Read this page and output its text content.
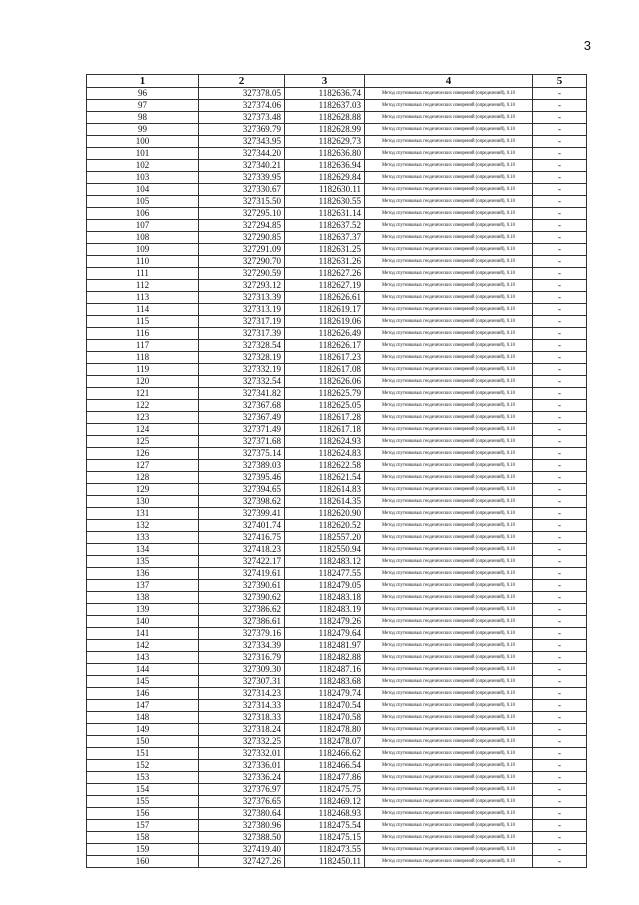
3
1	2	3	4	5
96	327378.05	1182636.74	Метод спутниковых геодезических измерений (определений), 0.10	-
97	327374.06	1182637.03	Метод спутниковых геодезических измерений (определений), 0.10	-
98	327373.48	1182628.88	Метод спутниковых геодезических измерений (определений), 0.10	-
99	327369.79	1182628.99	Метод спутниковых геодезических измерений (определений), 0.10	-
100	327343.95	1182629.73	Метод спутниковых геодезических измерений (определений), 0.10	-
101	327344.20	1182636.80	Метод спутниковых геодезических измерений (определений), 0.10	-
102	327340.21	1182636.94	Метод спутниковых геодезических измерений (определений), 0.10	-
103	327339.95	1182629.84	Метод спутниковых геодезических измерений (определений), 0.10	-
104	327330.67	1182630.11	Метод спутниковых геодезических измерений (определений), 0.10	-
105	327315.50	1182630.55	Метод спутниковых геодезических измерений (определений), 0.10	-
106	327295.10	1182631.14	Метод спутниковых геодезических измерений (определений), 0.10	-
107	327294.85	1182637.52	Метод спутниковых геодезических измерений (определений), 0.10	-
108	327290.85	1182637.37	Метод спутниковых геодезических измерений (определений), 0.10	-
109	327291.09	1182631.25	Метод спутниковых геодезических измерений (определений), 0.10	-
110	327290.70	1182631.26	Метод спутниковых геодезических измерений (определений), 0.10	-
111	327290.59	1182627.26	Метод спутниковых геодезических измерений (определений), 0.10	-
112	327293.12	1182627.19	Метод спутниковых геодезических измерений (определений), 0.10	-
113	327313.39	1182626.61	Метод спутниковых геодезических измерений (определений), 0.10	-
114	327313.19	1182619.17	Метод спутниковых геодезических измерений (определений), 0.10	-
115	327317.19	1182619.06	Метод спутниковых геодезических измерений (определений), 0.10	-
116	327317.39	1182626.49	Метод спутниковых геодезических измерений (определений), 0.10	-
117	327328.54	1182626.17	Метод спутниковых геодезических измерений (определений), 0.10	-
118	327328.19	1182617.23	Метод спутниковых геодезических измерений (определений), 0.10	-
119	327332.19	1182617.08	Метод спутниковых геодезических измерений (определений), 0.10	-
120	327332.54	1182626.06	Метод спутниковых геодезических измерений (определений), 0.10	-
121	327341.82	1182625.79	Метод спутниковых геодезических измерений (определений), 0.10	-
122	327367.68	1182625.05	Метод спутниковых геодезических измерений (определений), 0.10	-
123	327367.49	1182617.28	Метод спутниковых геодезических измерений (определений), 0.10	-
124	327371.49	1182617.18	Метод спутниковых геодезических измерений (определений), 0.10	-
125	327371.68	1182624.93	Метод спутниковых геодезических измерений (определений), 0.10	-
126	327375.14	1182624.83	Метод спутниковых геодезических измерений (определений), 0.10	-
127	327389.03	1182622.58	Метод спутниковых геодезических измерений (определений), 0.10	-
128	327395.46	1182621.54	Метод спутниковых геодезических измерений (определений), 0.10	-
129	327394.65	1182614.83	Метод спутниковых геодезических измерений (определений), 0.10	-
130	327398.62	1182614.35	Метод спутниковых геодезических измерений (определений), 0.10	-
131	327399.41	1182620.90	Метод спутниковых геодезических измерений (определений), 0.10	-
132	327401.74	1182620.52	Метод спутниковых геодезических измерений (определений), 0.10	-
133	327416.75	1182557.20	Метод спутниковых геодезических измерений (определений), 0.10	-
134	327418.23	1182550.94	Метод спутниковых геодезических измерений (определений), 0.10	-
135	327422.17	1182483.12	Метод спутниковых геодезических измерений (определений), 0.10	-
136	327419.61	1182477.55	Метод спутниковых геодезических измерений (определений), 0.10	-
137	327390.61	1182479.05	Метод спутниковых геодезических измерений (определений), 0.10	-
138	327390.62	1182483.18	Метод спутниковых геодезических измерений (определений), 0.10	-
139	327386.62	1182483.19	Метод спутниковых геодезических измерений (определений), 0.10	-
140	327386.61	1182479.26	Метод спутниковых геодезических измерений (определений), 0.10	-
141	327379.16	1182479.64	Метод спутниковых геодезических измерений (определений), 0.10	-
142	327334.39	1182481.97	Метод спутниковых геодезических измерений (определений), 0.10	-
143	327316.79	1182482.88	Метод спутниковых геодезических измерений (определений), 0.10	-
144	327309.30	1182487.16	Метод спутниковых геодезических измерений (определений), 0.10	-
145	327307.31	1182483.68	Метод спутниковых геодезических измерений (определений), 0.10	-
146	327314.23	1182479.74	Метод спутниковых геодезических измерений (определений), 0.10	-
147	327314.33	1182470.54	Метод спутниковых геодезических измерений (определений), 0.10	-
148	327318.33	1182470.58	Метод спутниковых геодезических измерений (определений), 0.10	-
149	327318.24	1182478.80	Метод спутниковых геодезических измерений (определений), 0.10	-
150	327332.25	1182478.07	Метод спутниковых геодезических измерений (определений), 0.10	-
151	327332.01	1182466.62	Метод спутниковых геодезических измерений (определений), 0.10	-
152	327336.01	1182466.54	Метод спутниковых геодезических измерений (определений), 0.10	-
153	327336.24	1182477.86	Метод спутниковых геодезических измерений (определений), 0.10	-
154	327376.97	1182475.75	Метод спутниковых геодезических измерений (определений), 0.10	-
155	327376.65	1182469.12	Метод спутниковых геодезических измерений (определений), 0.10	-
156	327380.64	1182468.93	Метод спутниковых геодезических измерений (определений), 0.10	-
157	327380.96	1182475.54	Метод спутниковых геодезических измерений (определений), 0.10	-
158	327388.50	1182475.15	Метод спутниковых геодезических измерений (определений), 0.10	-
159	327419.40	1182473.55	Метод спутниковых геодезических измерений (определений), 0.10	-
160	327427.26	1182450.11	Метод спутниковых геодезических измерений (определений), 0.10	-
